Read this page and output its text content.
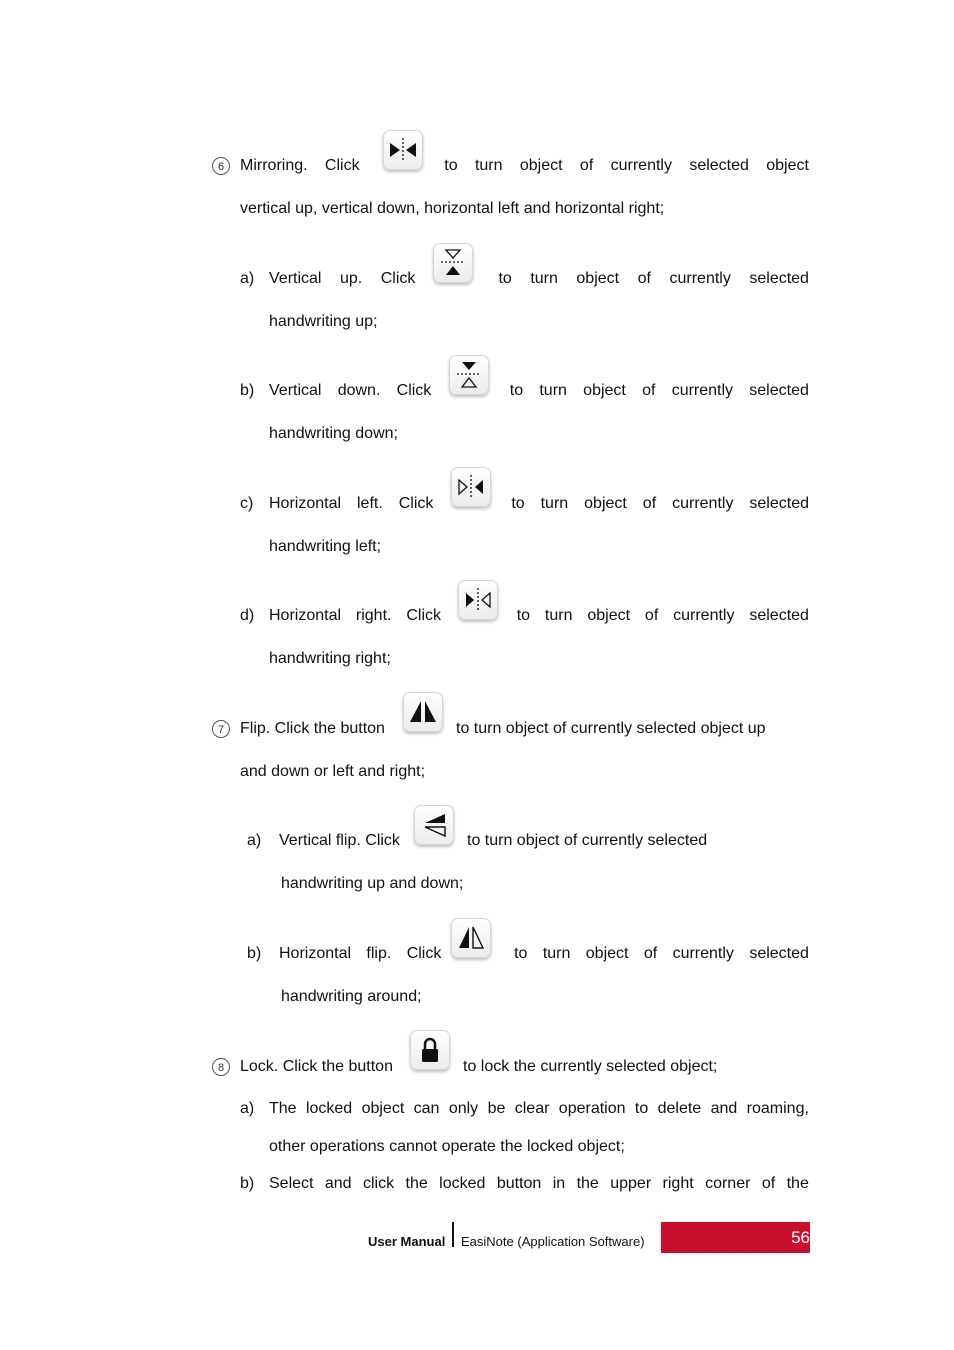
6 Mirroring. Click	to turn object of currently selected object
vertical up, vertical down, horizontal left and horizontal right;
a) Vertical up. Click	to turn object of currently selected
handwriting up;
b) Vertical down. Click	to turn object of currently selected
handwriting down;
c) Horizontal left. Click	to turn object of currently selected
handwriting left;
d) Horizontal right. Click	to turn object of currently selected
handwriting right;
7 Flip. Click the button	to turn object of currently selected object up
and down or left and right;
a) Vertical flip. Click	to turn object of currently selected
handwriting up and down;
b) Horizontal flip. Click	to turn object of currently selected
handwriting around;
8 Lock. Click the button	to lock the currently selected object;
a) The locked object can only be clear operation to delete and roaming,
other operations cannot operate the locked object;
b) Select and click the locked button in the upper right corner of the
User Manual EasiNote (Application Software)	56
